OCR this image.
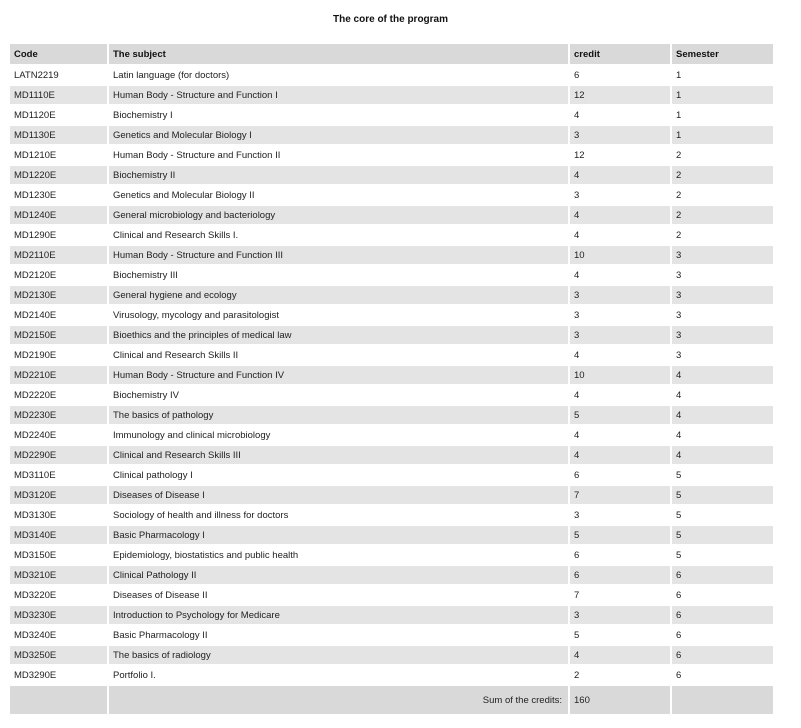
The core of the program
Code	The subject	credit	Semester
LATN2219	Latin language (for doctors)	6	1
MD1110E	Human Body - Structure and Function I	12	1
MD1120E	Biochemistry I	4	1
MD1130E	Genetics and Molecular Biology I	3	1
MD1210E	Human Body - Structure and Function II	12	2
MD1220E	Biochemistry II	4	2
MD1230E	Genetics and Molecular Biology II	3	2
MD1240E	General microbiology and bacteriology	4	2
MD1290E	Clinical and Research Skills I.	4	2
MD2110E	Human Body - Structure and Function III	10	3
MD2120E	Biochemistry III	4	3
MD2130E	General hygiene and ecology	3	3
MD2140E	Virusology, mycology and parasitologist	3	3
MD2150E	Bioethics and the principles of medical law	3	3
MD2190E	Clinical and Research Skills II	4	3
MD2210E	Human Body - Structure and Function IV	10	4
MD2220E	Biochemistry IV	4	4
MD2230E	The basics of pathology	5	4
MD2240E	Immunology and clinical microbiology	4	4
MD2290E	Clinical and Research Skills III	4	4
MD3110E	Clinical pathology I	6	5
MD3120E	Diseases of Disease I	7	5
MD3130E	Sociology of health and illness for doctors	3	5
MD3140E	Basic Pharmacology I	5	5
MD3150E	Epidemiology, biostatistics and public health	6	5
MD3210E	Clinical Pathology II	6	6
MD3220E	Diseases of Disease II	7	6
MD3230E	Introduction to Psychology for Medicare	3	6
MD3240E	Basic Pharmacology II	5	6
MD3250E	The basics of radiology	4	6
MD3290E	Portfolio I.	2	6
	Sum of the credits:	160	
